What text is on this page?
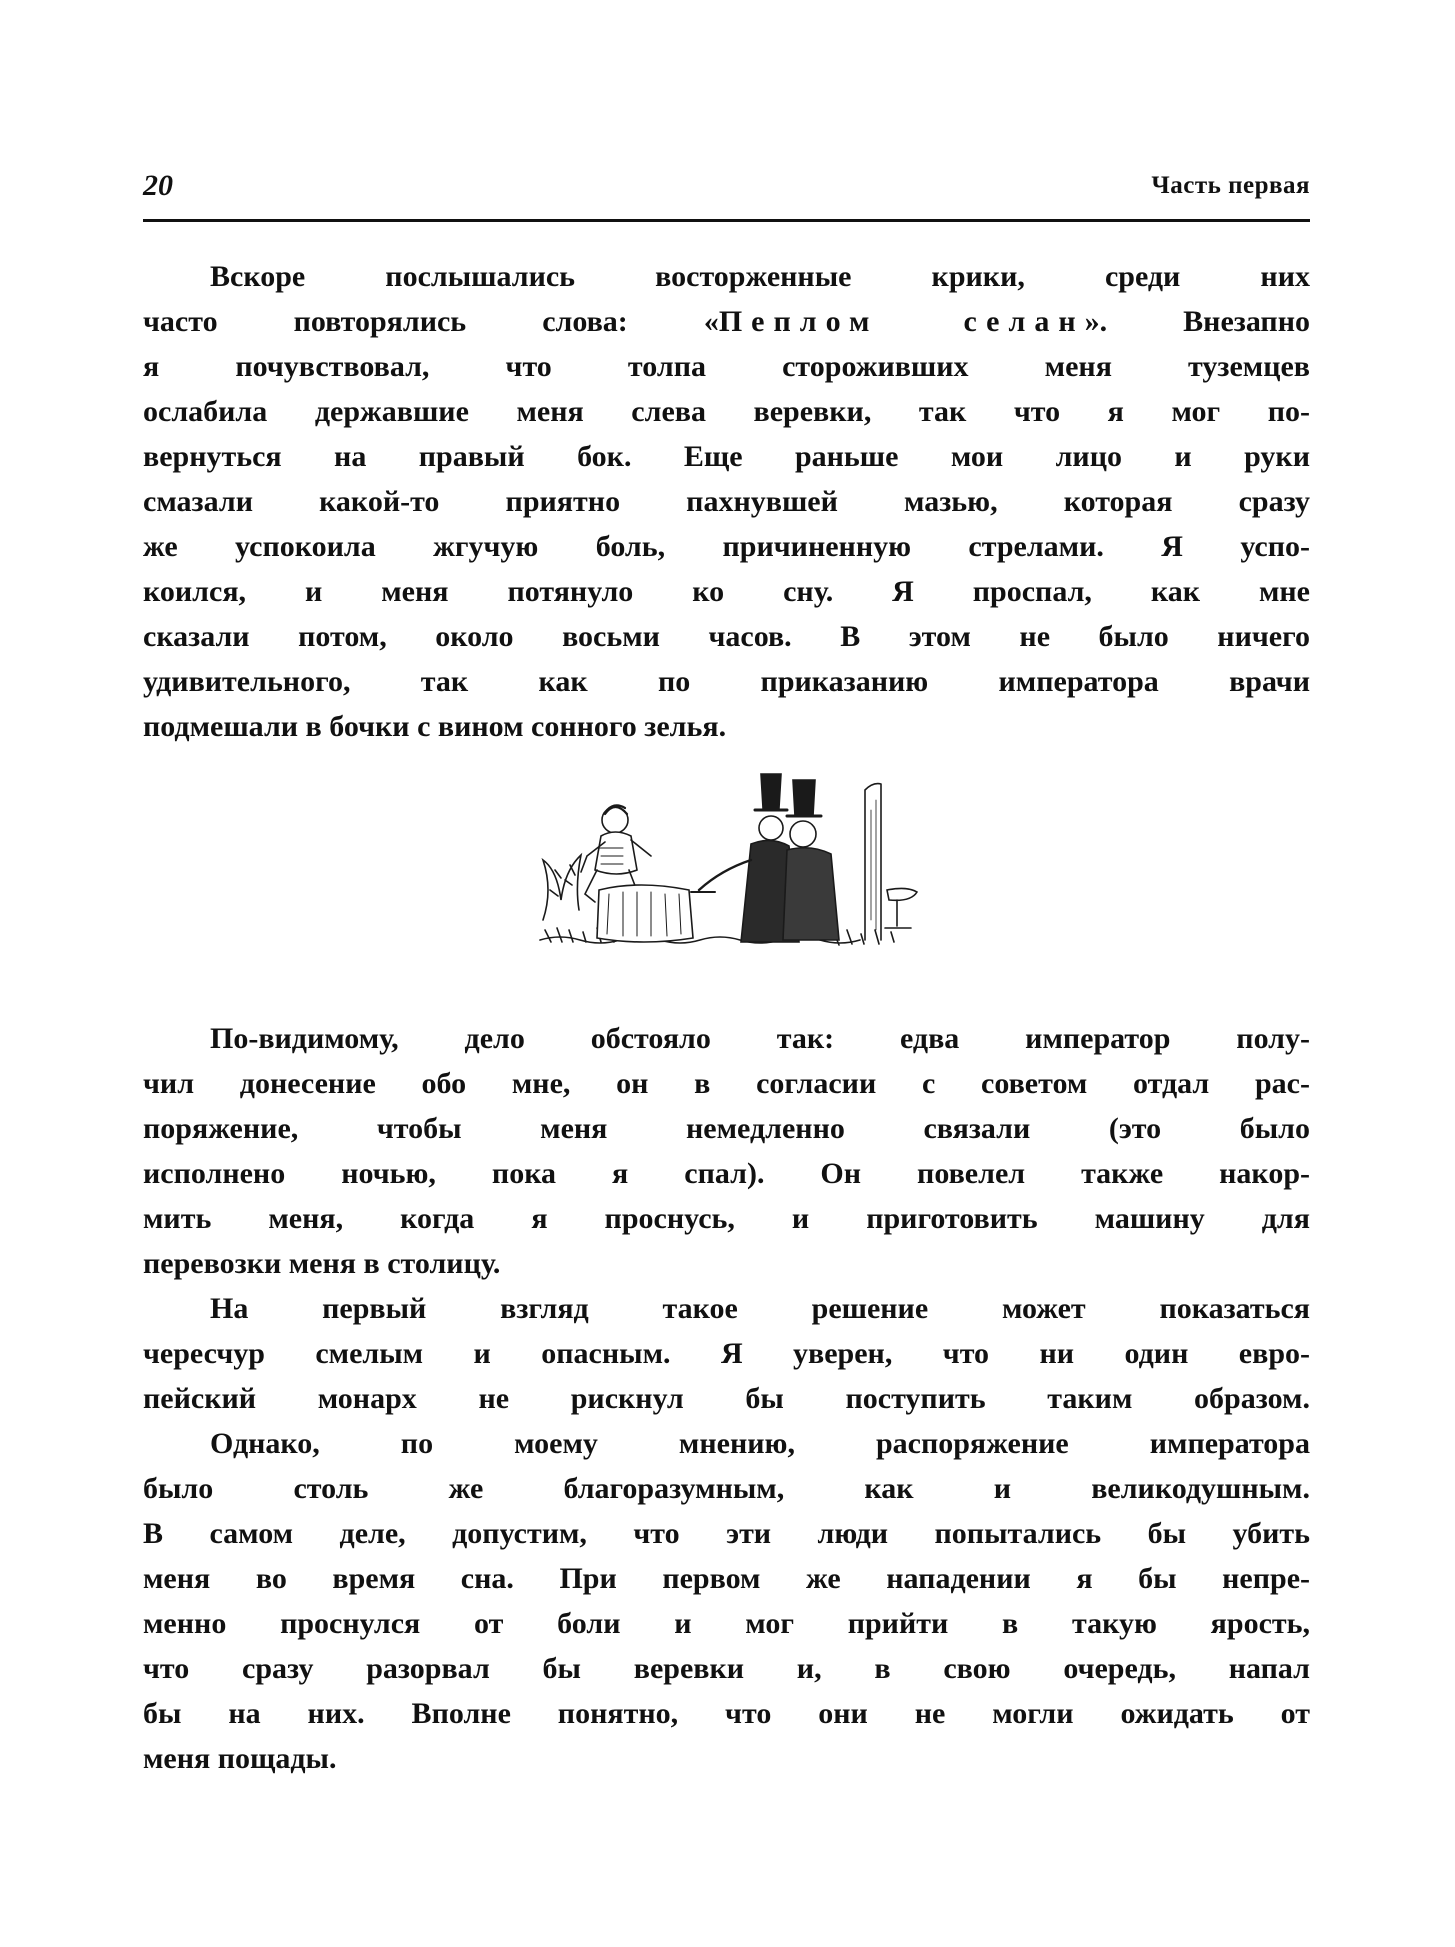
20	Часть первая
Вскоре послышались восторженные крики, среди них
часто повторялись слова: «Пеплом селан». Внезапно
я почувствовал, что толпа стороживших меня туземцев
ослабила державшие меня слева веревки, так что я мог по-
вернуться на правый бок. Еще раньше мои лицо и руки
смазали какой-то приятно пахнувшей мазью, которая сразу
же успокоила жгучую боль, причиненную стрелами. Я успо-
коился, и меня потянуло ко сну. Я проспал, как мне
сказали потом, около восьми часов. В этом не было ничего
удивительного, так как по приказанию императора врачи
подмешали в бочки с вином сонного зелья.
По-видимому, дело обстояло так: едва император полу-
чил донесение обо мне, он в согласии с советом отдал рас-
поряжение, чтобы меня немедленно связали (это было
исполнено ночью, пока я спал). Он повелел также накор-
мить меня, когда я проснусь, и приготовить машину для
перевозки меня в столицу.
На первый взгляд такое решение может показаться
чересчур смелым и опасным. Я уверен, что ни один евро-
пейский монарх не рискнул бы поступить таким образом.
Однако, по моему мнению, распоряжение императора
было столь же благоразумным, как и великодушным.
В самом деле, допустим, что эти люди попытались бы убить
меня во время сна. При первом же нападении я бы непре-
менно проснулся от боли и мог прийти в такую ярость,
что сразу разорвал бы веревки и, в свою очередь, напал
бы на них. Вполне понятно, что они не могли ожидать от
меня пощады.
